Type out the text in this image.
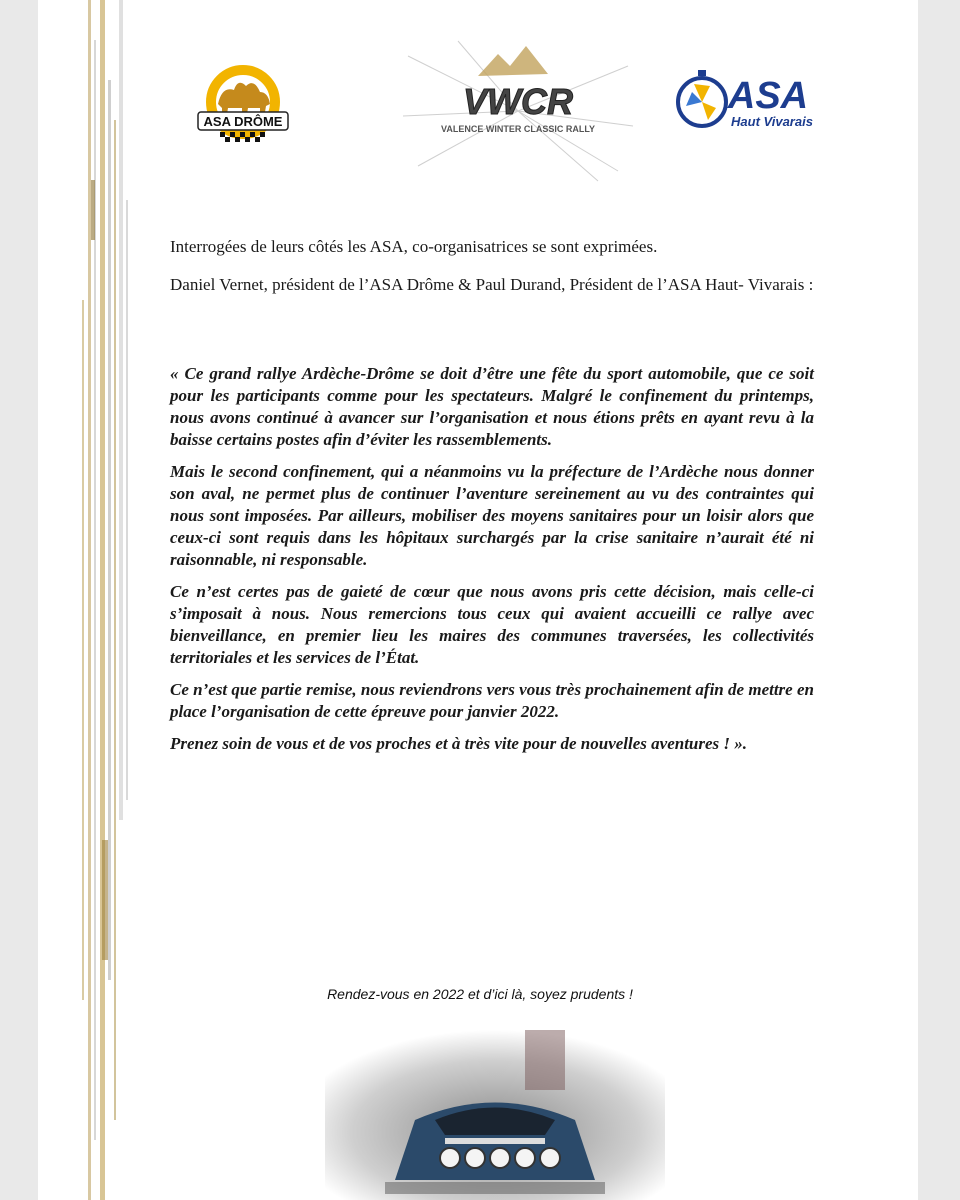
ASA DRÔME	VWCR
VALENCE WINTER CLASSIC RALLY
ASA
Haut Vivarais

Interrogées de leurs côtés les ASA, co-organisatrices se sont exprimées.

Daniel Vernet, président de l’ASA Drôme & Paul Durand, Président de l’ASA Haut- Vivarais :

« Ce grand rallye Ardèche-Drôme se doit d’être une fête du sport automobile, que ce soit pour les participants comme pour les spectateurs. Malgré le confinement du printemps, nous avons continué à avancer sur l’organisation et nous étions prêts en ayant revu à la baisse certains postes afin d’éviter les rassemblements.

Mais le second confinement, qui a néanmoins vu la préfecture de l’Ardèche nous donner son aval, ne permet plus de continuer l’aventure sereinement au vu des contraintes qui nous sont imposées. Par ailleurs, mobiliser des moyens sanitaires pour un loisir alors que ceux-ci sont requis dans les hôpitaux surchargés par la crise sanitaire n’aurait été ni raisonnable, ni responsable.

Ce n’est certes pas de gaieté de cœur que nous avons pris cette décision, mais celle-ci s’imposait à nous. Nous remercions tous ceux qui avaient accueilli ce rallye avec bienveillance, en premier lieu les maires des communes traversées, les collectivités territoriales et les services de l’État.

Ce n’est que partie remise, nous reviendrons vers vous très prochainement afin de mettre en place l’organisation de cette épreuve pour janvier 2022.

Prenez soin de vous et de vos proches et à très vite pour de nouvelles aventures ! ».

Rendez-vous en 2022 et d’ici là, soyez prudents !
